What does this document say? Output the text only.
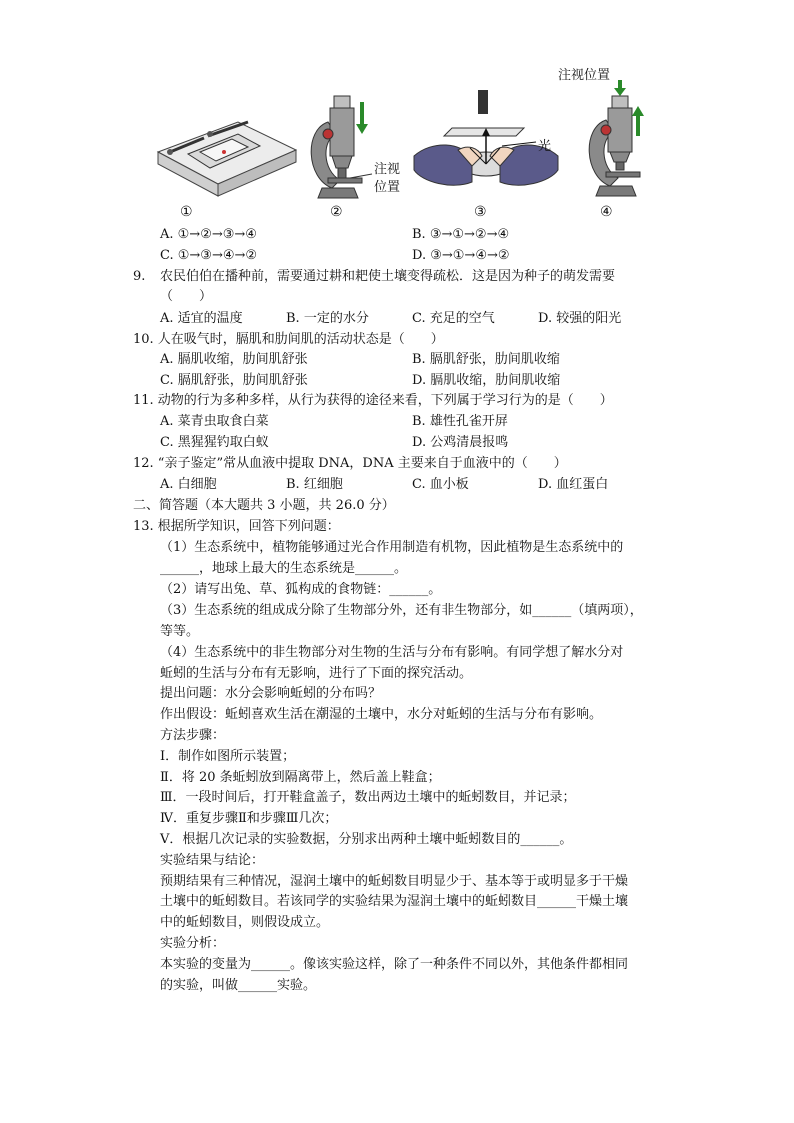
注视
位置
光
注视位置
①	②	③	④
A. ①→②→③→④	B. ③→①→②→④
C. ①→③→④→②	D. ③→①→④→②
9. 农民伯伯在播种前，需要通过耕和耙使土壤变得疏松．这是因为种子的萌发需要
（　　）
A. 适宜的温度	B. 一定的水分	C. 充足的空气	D. 较强的阳光
10. 人在吸气时，膈肌和肋间肌的活动状态是（　　）
A. 膈肌收缩，肋间肌舒张	B. 膈肌舒张，肋间肌收缩
C. 膈肌舒张，肋间肌舒张	D. 膈肌收缩，肋间肌收缩
11. 动物的行为多种多样，从行为获得的途径来看，下列属于学习行为的是（　　）
A. 菜青虫取食白菜	B. 雄性孔雀开屏
C. 黑猩猩钓取白蚁	D. 公鸡清晨报鸣
12. “亲子鉴定”常从血液中提取 DNA，DNA 主要来自于血液中的（　　）
A. 白细胞	B. 红细胞	C. 血小板	D. 血红蛋白
二、简答题（本大题共 3 小题，共 26.0 分）
13. 根据所学知识，回答下列问题：
（1）生态系统中，植物能够通过光合作用制造有机物，因此植物是生态系统中的
______，地球上最大的生态系统是______。
（2）请写出兔、草、狐构成的食物链：______。
（3）生态系统的组成成分除了生物部分外，还有非生物部分，如______（填两项），
等等。
（4）生态系统中的非生物部分对生物的生活与分布有影响。有同学想了解水分对
蚯蚓的生活与分布有无影响，进行了下面的探究活动。
提出问题：水分会影响蚯蚓的分布吗？
作出假设：蚯蚓喜欢生活在潮湿的土壤中，水分对蚯蚓的生活与分布有影响。
方法步骤：
Ⅰ．制作如图所示装置；
Ⅱ．将 20 条蚯蚓放到隔离带上，然后盖上鞋盒；
Ⅲ．一段时间后，打开鞋盒盖子，数出两边土壤中的蚯蚓数目，并记录；
Ⅳ．重复步骤Ⅱ和步骤Ⅲ几次；
Ⅴ．根据几次记录的实验数据，分别求出两种土壤中蚯蚓数目的______。
实验结果与结论：
预期结果有三种情况，湿润土壤中的蚯蚓数目明显少于、基本等于或明显多于干燥
土壤中的蚯蚓数目。若该同学的实验结果为湿润土壤中的蚯蚓数目______干燥土壤
中的蚯蚓数目，则假设成立。
实验分析：
本实验的变量为______。像该实验这样，除了一种条件不同以外，其他条件都相同
的实验，叫做______实验。
